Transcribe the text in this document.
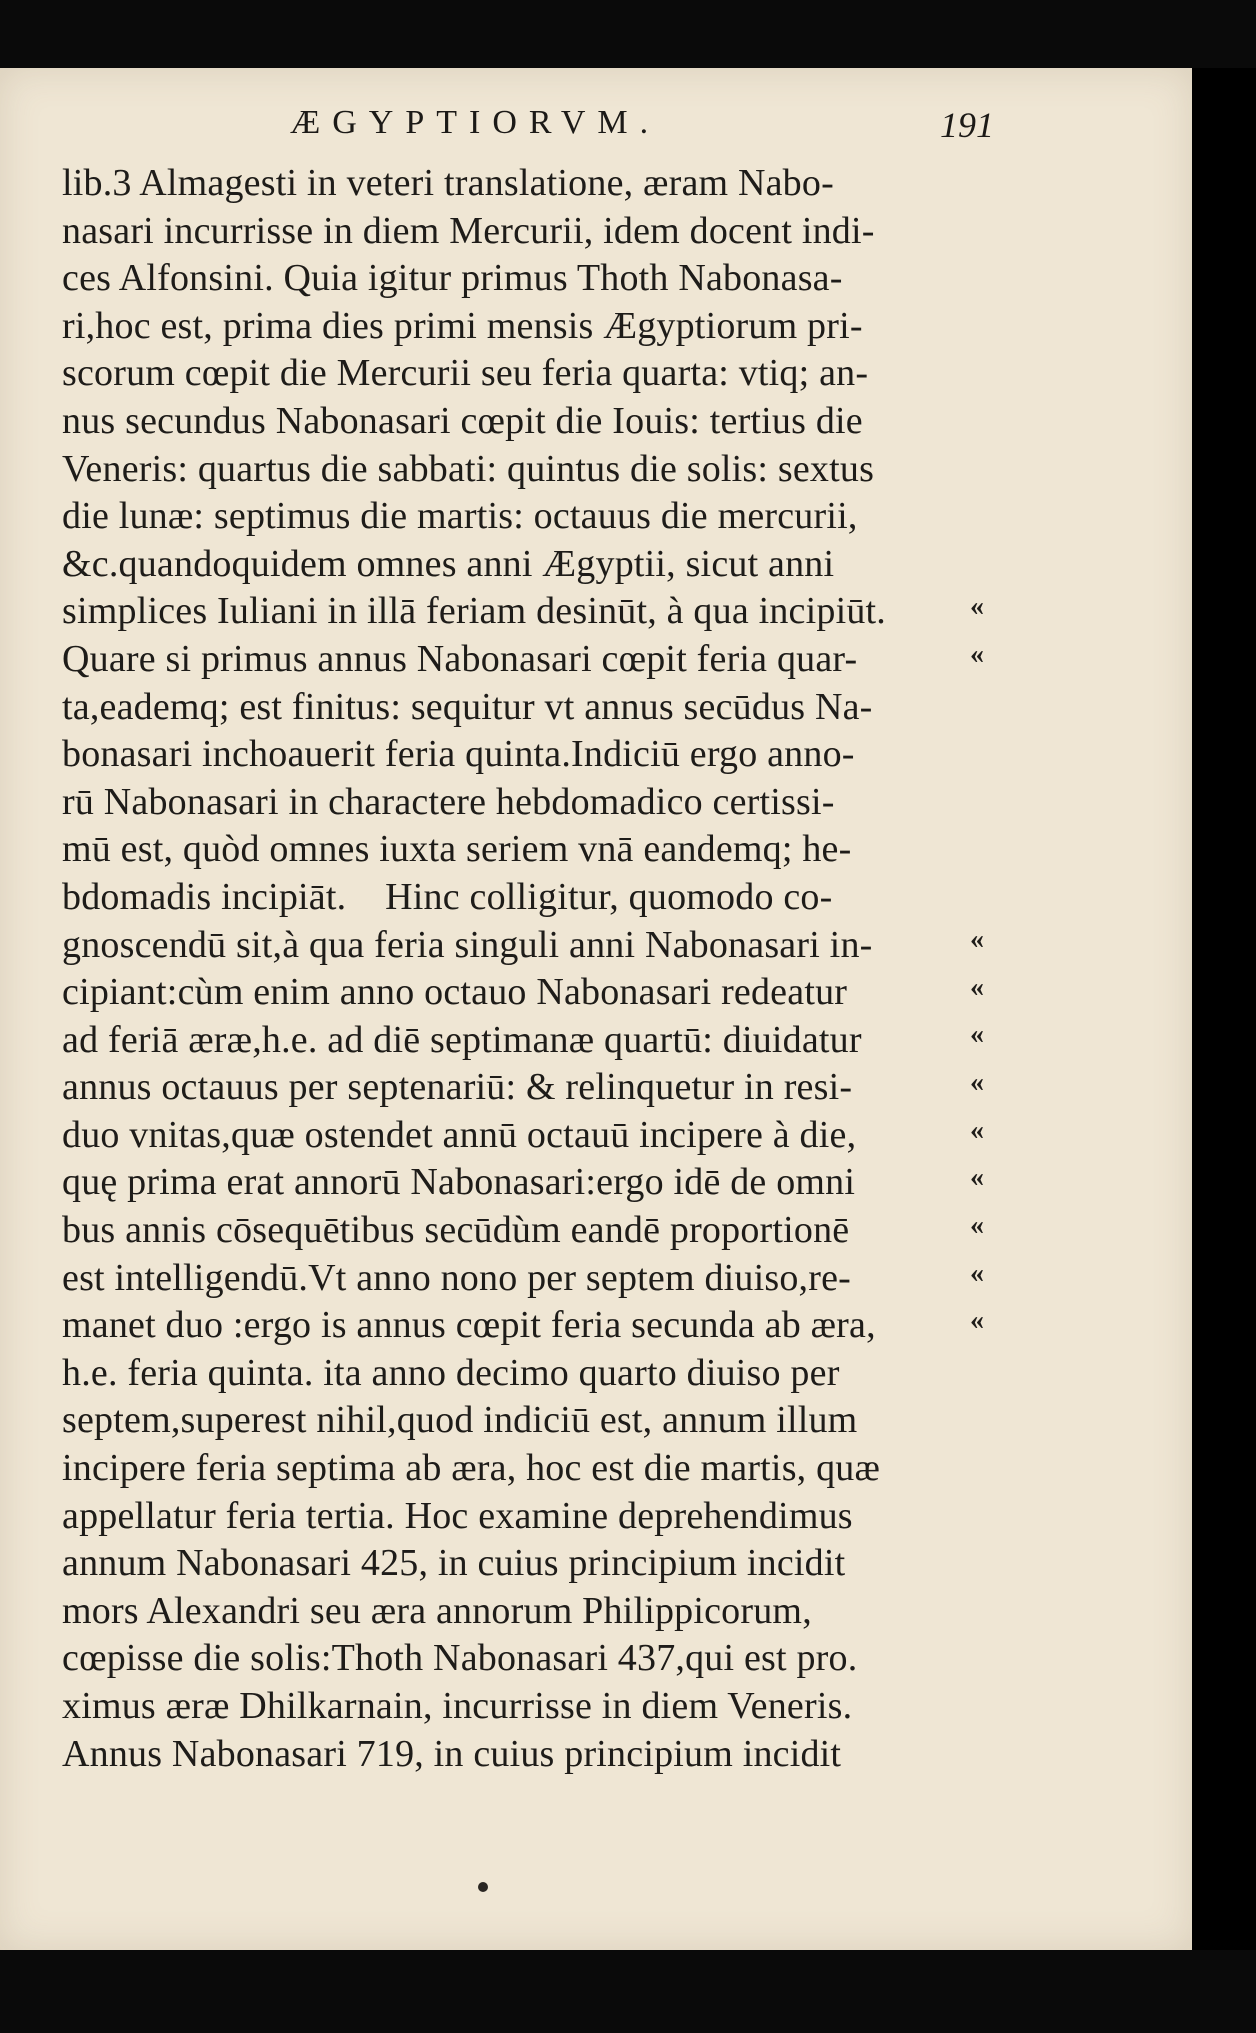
ÆGYPTIORVM.	191
lib.3 Almagesti in veteri translatione, æram Nabo-
nasari incurrisse in diem Mercurii, idem docent indi-
ces Alfonsini. Quia igitur primus Thoth Nabonasa-
ri,hoc est, prima dies primi mensis Ægyptiorum pri-
scorum cœpit die Mercurii seu feria quarta: vtiq; an-
nus secundus Nabonasari cœpit die Iouis: tertius die
Veneris: quartus die sabbati: quintus die solis: sextus
die lunæ: septimus die martis: octauus die mercurii,
&c.quandoquidem omnes anni Ægyptii, sicut anni
simplices Iuliani in illā feriam desinūt, à qua incipiūt.
Quare si primus annus Nabonasari cœpit feria quar-
ta,eademq; est finitus: sequitur vt annus secūdus Na-
bonasari inchoauerit feria quinta.Indiciū ergo anno-
rū Nabonasari in charactere hebdomadico certissi-
mū est, quòd omnes iuxta seriem vnā eandemq; he-
bdomadis incipiāt.    Hinc colligitur, quomodo co-
gnoscendū sit,à qua feria singuli anni Nabonasari in-
cipiant:cùm enim anno octauo Nabonasari redeatur
ad feriā æræ,h.e. ad diē septimanæ quartū: diuidatur
annus octauus per septenariū: & relinquetur in resi-
duo vnitas,quæ ostendet annū octauū incipere à die,
quę prima erat annorū Nabonasari:ergo idē de omni
bus annis cōsequētibus secūdùm eandē proportionē
est intelligendū.Vt anno nono per septem diuiso,re-
manet duo :ergo is annus cœpit feria secunda ab æra,
h.e. feria quinta. ita anno decimo quarto diuiso per
septem,superest nihil,quod indiciū est, annum illum
incipere feria septima ab æra, hoc est die martis, quæ
appellatur feria tertia. Hoc examine deprehendimus
annum Nabonasari 425, in cuius principium incidit
mors Alexandri seu æra annorum Philippicorum,
cœpisse die solis:Thoth Nabonasari 437,qui est pro.
ximus æræ Dhilkarnain, incurrisse in diem Veneris.
Annus Nabonasari 719, in cuius principium incidit
«
«
«
«
«
«
«
«
«
«
«
